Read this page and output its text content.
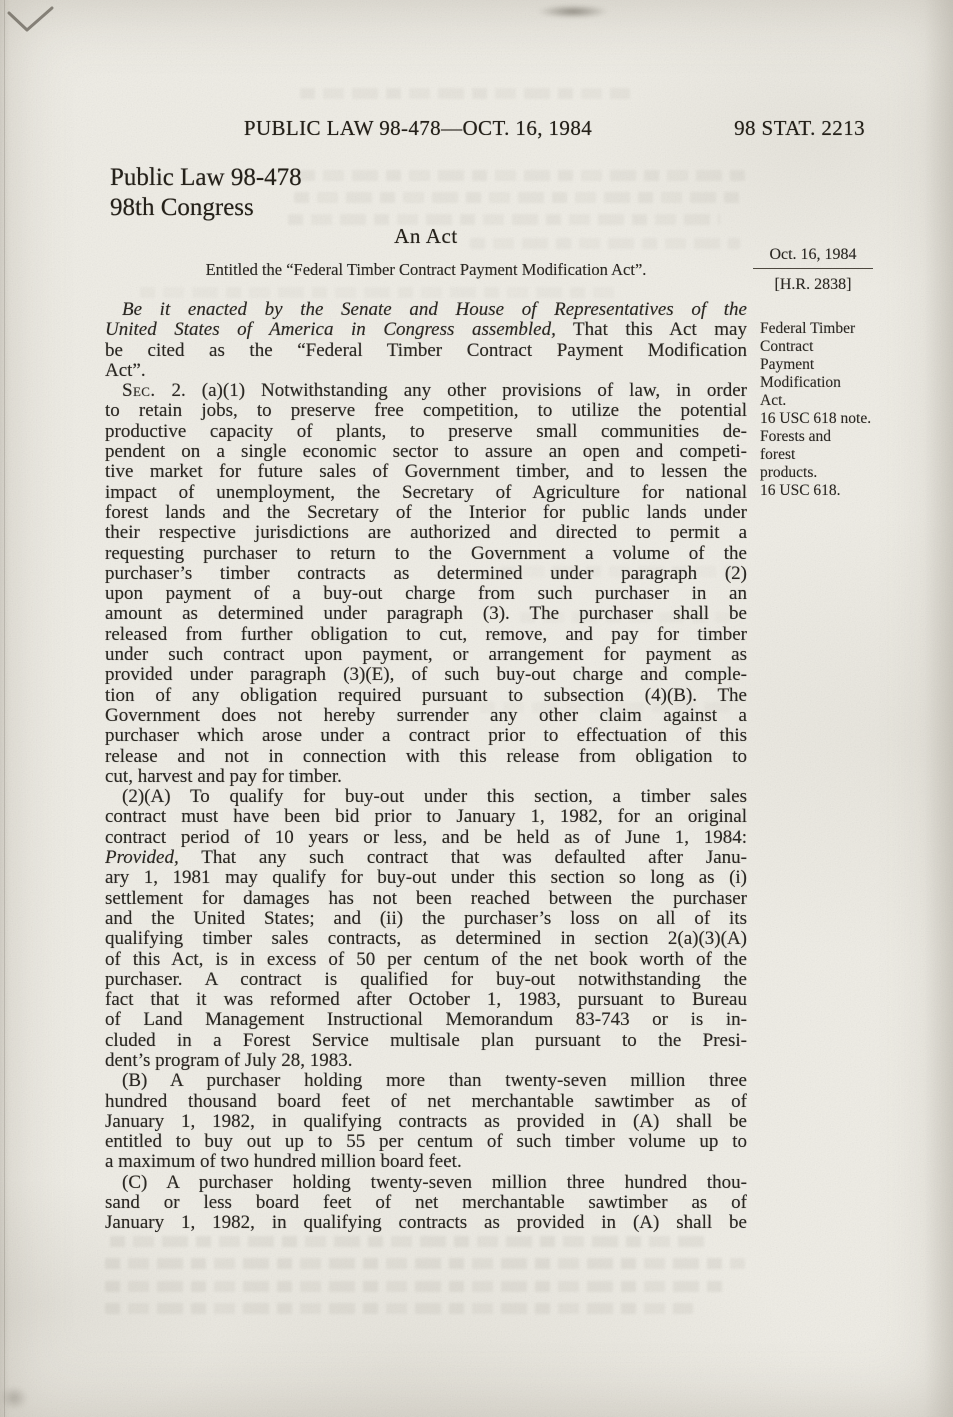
PUBLIC LAW 98-478—OCT. 16, 1984	98 STAT. 2213
Public Law 98-478
98th Congress
An Act
Entitled the “Federal Timber Contract Payment Modification Act”.
Oct. 16, 1984
[H.R. 2838]
Federal Timber
Contract
Payment
Modification
Act.
16 USC 618 note.
Forests and
forest
products.
16 USC 618.
Be it enacted by the Senate and House of Representatives of the
United States of America in Congress assembled, That this Act may
be cited as the “Federal Timber Contract Payment Modification
Act”.
Sec. 2. (a)(1) Notwithstanding any other provisions of law, in order
to retain jobs, to preserve free competition, to utilize the potential
productive capacity of plants, to preserve small communities de-
pendent on a single economic sector to assure an open and competi-
tive market for future sales of Government timber, and to lessen the
impact of unemployment, the Secretary of Agriculture for national
forest lands and the Secretary of the Interior for public lands under
their respective jurisdictions are authorized and directed to permit a
requesting purchaser to return to the Government a volume of the
purchaser’s timber contracts as determined under paragraph (2)
upon payment of a buy-out charge from such purchaser in an
amount as determined under paragraph (3). The purchaser shall be
released from further obligation to cut, remove, and pay for timber
under such contract upon payment, or arrangement for payment as
provided under paragraph (3)(E), of such buy-out charge and comple-
tion of any obligation required pursuant to subsection (4)(B). The
Government does not hereby surrender any other claim against a
purchaser which arose under a contract prior to effectuation of this
release and not in connection with this release from obligation to
cut, harvest and pay for timber.
(2)(A) To qualify for buy-out under this section, a timber sales
contract must have been bid prior to January 1, 1982, for an original
contract period of 10 years or less, and be held as of June 1, 1984:
Provided, That any such contract that was defaulted after Janu-
ary 1, 1981 may qualify for buy-out under this section so long as (i)
settlement for damages has not been reached between the purchaser
and the United States; and (ii) the purchaser’s loss on all of its
qualifying timber sales contracts, as determined in section 2(a)(3)(A)
of this Act, is in excess of 50 per centum of the net book worth of the
purchaser. A contract is qualified for buy-out notwithstanding the
fact that it was reformed after October 1, 1983, pursuant to Bureau
of Land Management Instructional Memorandum 83-743 or is in-
cluded in a Forest Service multisale plan pursuant to the Presi-
dent’s program of July 28, 1983.
(B) A purchaser holding more than twenty-seven million three
hundred thousand board feet of net merchantable sawtimber as of
January 1, 1982, in qualifying contracts as provided in (A) shall be
entitled to buy out up to 55 per centum of such timber volume up to
a maximum of two hundred million board feet.
(C) A purchaser holding twenty-seven million three hundred thou-
sand or less board feet of net merchantable sawtimber as of
January 1, 1982, in qualifying contracts as provided in (A) shall be
